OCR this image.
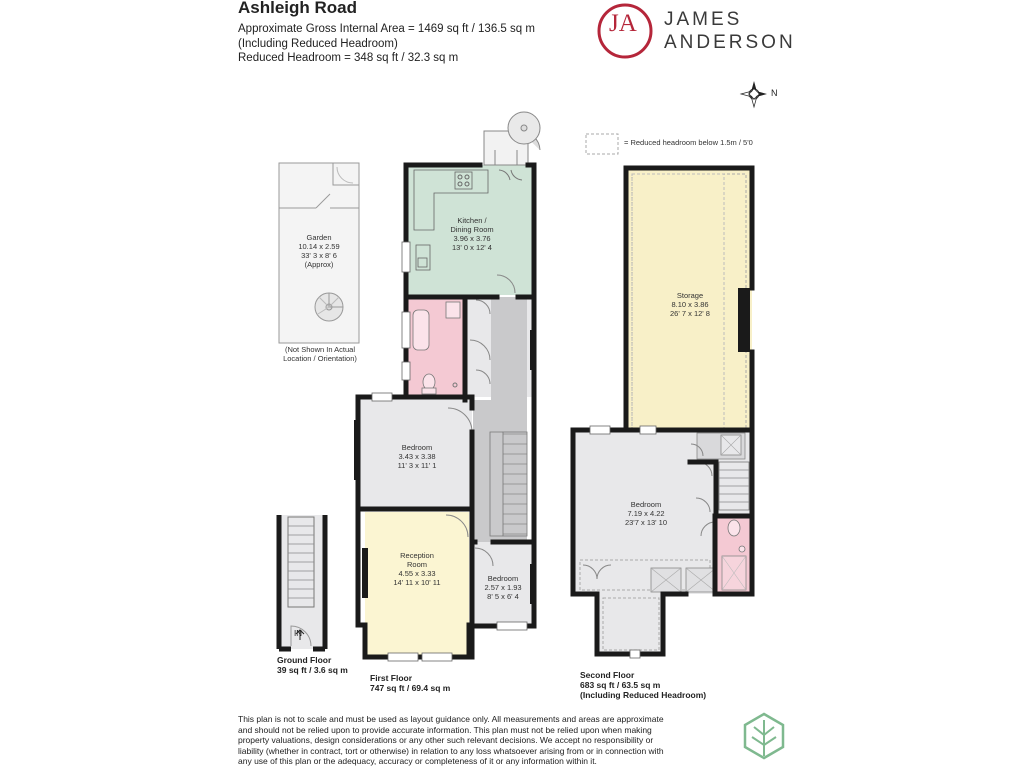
Ashleigh Road
Approximate Gross Internal Area = 1469 sq ft / 136.5 sq m
(Including Reduced Headroom)
Reduced Headroom = 348 sq ft / 32.3 sq m
JA JAMES
ANDERSON
N
= Reduced headroom below 1.5m / 5'0
Garden
10.14 x 2.59
33' 3 x 8' 6
(Approx)
(Not Shown In Actual
Location / Orientation)
Kitchen /
Dining Room
3.96 x 3.76
13' 0 x 12' 4
Bedroom
3.43 x 3.38
11' 3 x 11' 1
Reception
Room
4.55 x 3.33
14' 11 x 10' 11	Bedroom
2.57 x 1.93
8' 5 x 6' 4
Storage
8.10 x 3.86
26' 7 x 12' 8
Bedroom
7.19 x 4.22
23'7 x 13' 10
IN
Ground Floor
39 sq ft / 3.6 sq m
First Floor
747 sq ft / 69.4 sq m
Second Floor
683 sq ft / 63.5 sq m
(Including Reduced Headroom)
This plan is not to scale and must be used as layout guidance only. All measurements and areas are approximate and should not be relied upon to provide accurate information. This plan must not be relied upon when making property valuations, design considerations or any other such relevant decisions. We accept no responsibility or liability (whether in contract, tort or otherwise) in relation to any loss whatsoever arising from or in connection with any use of this plan or the adequacy, accuracy or completeness of it or any information within it.
